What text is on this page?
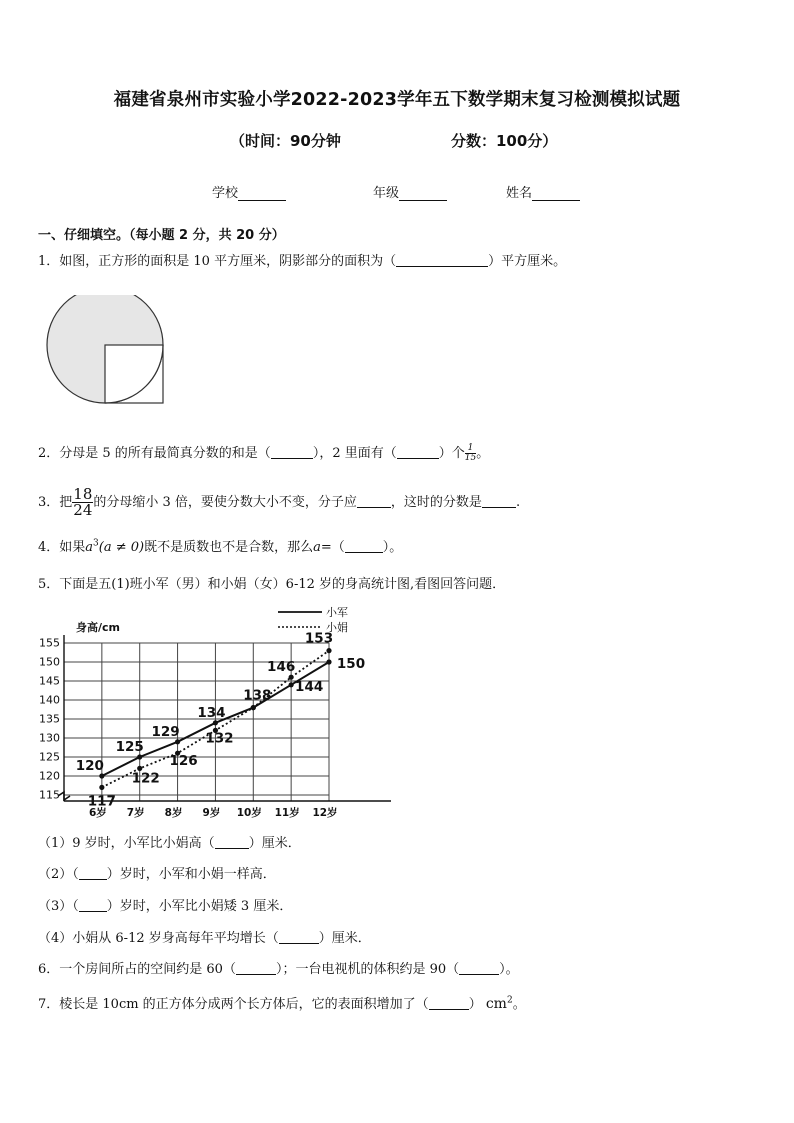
福建省泉州市实验小学2022-2023学年五下数学期末复习检测模拟试题
（时间：90分钟	分数：100分）
学校	年级	姓名
一、仔细填空。（每小题 2 分，共 20 分）
1．如图，正方形的面积是 10 平方厘米，阴影部分的面积为（	）平方厘米。
2．分母是 5 的所有最简真分数的和是（	），2 里面有（	）个 $\frac{1}{15}$ 。
3．把 $\frac{18}{24}$ 的分母缩小 3 倍，要使分数大小不变，分子应	，这时的分数是	.
4．如果$a^3(a \ne 0)$既不是质数也不是合数，那么a=（	）。
5．下面是五(1)班小军（男）和小娟（女）6-12 岁的身高统计图,看图回答问题．
115
120
125
130
135
140
145
150
155
身高/cm
6岁 7岁 8岁 9岁 10岁 11岁 12岁
小军
小娟
120
125
129
134
138
144
150
117
122
126
132
146
153
（1）9 岁时，小军比小娟高（	）厘米．
（2）（ ）岁时，小军和小娟一样高．
（3）（ ）岁时，小军比小娟矮 3 厘米．
（4）小娟从 6-12 岁身高每年平均增长（	）厘米．
6．一个房间所占的空间约是 60（	）；一台电视机的体积约是 90（	）。
7．棱长是 10cm 的正方体分成两个长方体后，它的表面积增加了（	） $cm^2$。
